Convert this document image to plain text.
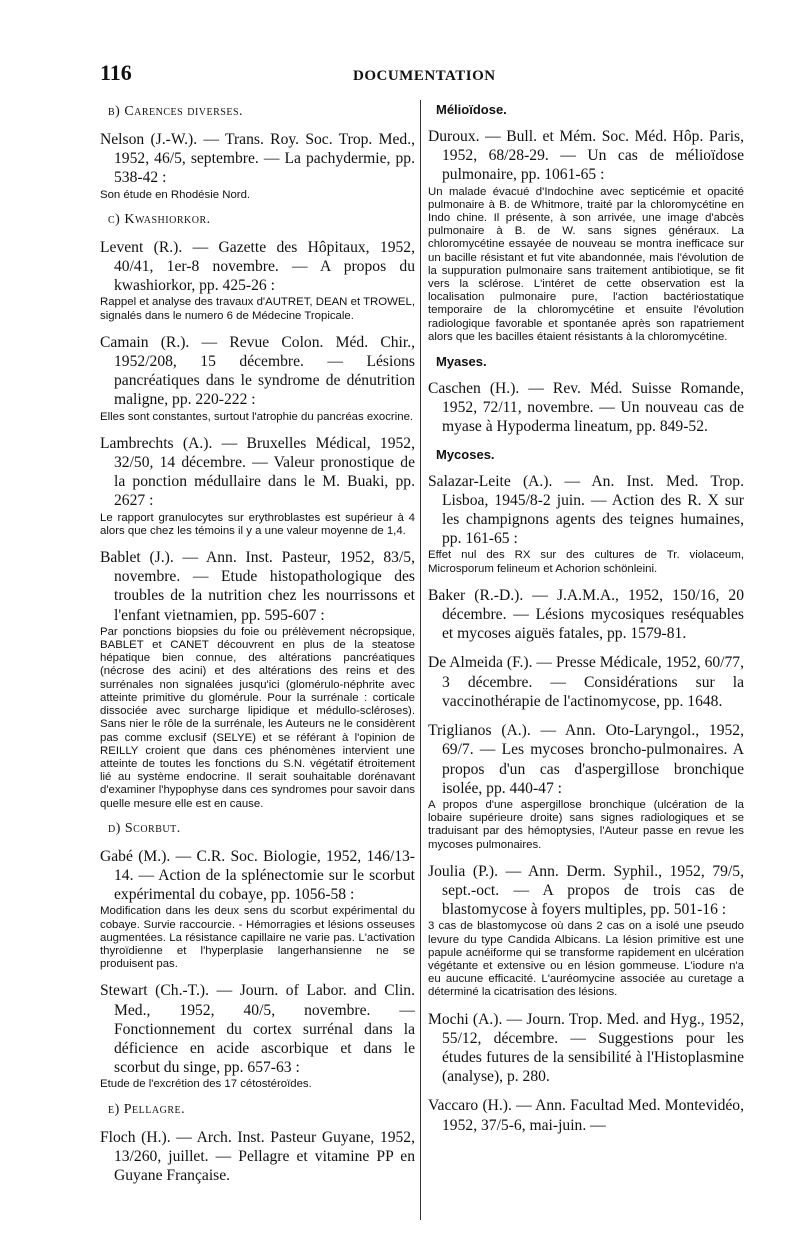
116	DOCUMENTATION
b) Carences diverses.
Nelson (J.-W.). — Trans. Roy. Soc. Trop. Med., 1952, 46/5, septembre. — La pachydermie, pp. 538-42 :
Son étude en Rhodésie Nord.
c) Kwashiorkor.
Levent (R.). — Gazette des Hôpitaux, 1952, 40/41, 1er-8 novembre. — A propos du kwashiorkor, pp. 425-26 :
Rappel et analyse des travaux d'AUTRET, DEAN et TROWEL, signalés dans le numero 6 de Médecine Tropicale.
Camain (R.). — Revue Colon. Méd. Chir., 1952/208, 15 décembre. — Lésions pancréatiques dans le syndrome de dénutrition maligne, pp. 220-222 :
Elles sont constantes, surtout l'atrophie du pancréas exocrine.
Lambrechts (A.). — Bruxelles Médical, 1952, 32/50, 14 décembre. — Valeur pronostique de la ponction médullaire dans le M. Buaki, pp. 2627 :
Le rapport granulocytes sur erythroblastes est supérieur à 4 alors que chez les témoins il y a une valeur moyenne de 1,4.
Bablet (J.). — Ann. Inst. Pasteur, 1952, 83/5, novembre. — Etude histopathologique des troubles de la nutrition chez les nourrissons et l'enfant vietnamien, pp. 595-607 :
Par ponctions biopsies du foie ou prélèvement nécropsique, BABLET et CANET découvrent en plus de la steatose hépatique bien connue, des altérations pancréatiques (nécrose des acini) et des altérations des reins et des surrénales non signalées jusqu'ici (glomérulo-néphrite avec atteinte primitive du glomérule. Pour la surrénale : corticale dissociée avec surcharge lipidique et médullo-scléroses). Sans nier le rôle de la surrénale, les Auteurs ne le considèrent pas comme exclusif (SELYE) et se référant à l'opinion de REILLY croient que dans ces phénomènes intervient une atteinte de toutes les fonctions du S.N. végétatif étroitement lié au système endocrine. Il serait souhaitable dorénavant d'examiner l'hypophyse dans ces syndromes pour savoir dans quelle mesure elle est en cause.
d) Scorbut.
Gabé (M.). — C.R. Soc. Biologie, 1952, 146/13-14. — Action de la splénectomie sur le scorbut expérimental du cobaye, pp. 1056-58 :
Modification dans les deux sens du scorbut expérimental du cobaye. Survie raccourcie. - Hémorragies et lésions osseuses augmentées. La résistance capillaire ne varie pas. L'activation thyroïdienne et l'hyperplasie langerhansienne ne se produisent pas.
Stewart (Ch.-T.). — Journ. of Labor. and Clin. Med., 1952, 40/5, novembre. — Fonctionnement du cortex surrénal dans la déficience en acide ascorbique et dans le scorbut du singe, pp. 657-63 :
Etude de l'excrétion des 17 cétostéroïdes.
e) Pellagre.
Floch (H.). — Arch. Inst. Pasteur Guyane, 1952, 13/260, juillet. — Pellagre et vitamine PP en Guyane Française.
Mélioïdose.
Duroux. — Bull. et Mém. Soc. Méd. Hôp. Paris, 1952, 68/28-29. — Un cas de mélioïdose pulmonaire, pp. 1061-65 :
Un malade évacué d'Indochine avec septicémie et opacité pulmonaire à B. de Whitmore, traité par la chloromycétine en Indo chine. Il présente, à son arrivée, une image d'abcès pulmonaire à B. de W. sans signes généraux. La chloromycétine essayée de nouveau se montra inefficace sur un bacille résistant et fut vite abandonnée, mais l'évolution de la suppuration pulmonaire sans traitement antibiotique, se fit vers la sclérose. L'intéret de cette observation est la localisation pulmonaire pure, l'action bactériostatique temporaire de la chloromycétine et ensuite l'évolution radiologique favorable et spontanée après son rapatriement alors que les bacilles étaient résistants à la chloromycétine.
Myases.
Caschen (H.). — Rev. Méd. Suisse Romande, 1952, 72/11, novembre. — Un nouveau cas de myase à Hypoderma lineatum, pp. 849-52.
Mycoses.
Salazar-Leite (A.). — An. Inst. Med. Trop. Lisboa, 1945/8-2 juin. — Action des R. X sur les champignons agents des teignes humaines, pp. 161-65 :
Effet nul des RX sur des cultures de Tr. violaceum, Microsporum felineum et Achorion schönleini.
Baker (R.-D.). — J.A.M.A., 1952, 150/16, 20 décembre. — Lésions mycosiques reséquables et mycoses aiguës fatales, pp. 1579-81.
De Almeida (F.). — Presse Médicale, 1952, 60/77, 3 décembre. — Considérations sur la vaccinothérapie de l'actinomycose, pp. 1648.
Triglianos (A.). — Ann. Oto-Laryngol., 1952, 69/7. — Les mycoses broncho-pulmonaires. A propos d'un cas d'aspergillose bronchique isolée, pp. 440-47 :
A propos d'une aspergillose bronchique (ulcération de la lobaire supérieure droite) sans signes radiologiques et se traduisant par des hémoptysies, l'Auteur passe en revue les mycoses pulmonaires.
Joulia (P.). — Ann. Derm. Syphil., 1952, 79/5, sept.-oct. — A propos de trois cas de blastomycose à foyers multiples, pp. 501-16 :
3 cas de blastomycose où dans 2 cas on a isolé une pseudo levure du type Candida Albicans. La lésion primitive est une papule acnéiforme qui se transforme rapidement en ulcération végétante et extensive ou en lésion gommeuse. L'iodure n'a eu aucune efficacité. L'auréomycine associée au curetage a déterminé la cicatrisation des lésions.
Mochi (A.). — Journ. Trop. Med. and Hyg., 1952, 55/12, décembre. — Suggestions pour les études futures de la sensibilité à l'Histoplasmine (analyse), p. 280.
Vaccaro (H.). — Ann. Facultad Med. Montevidéo, 1952, 37/5-6, mai-juin. —
